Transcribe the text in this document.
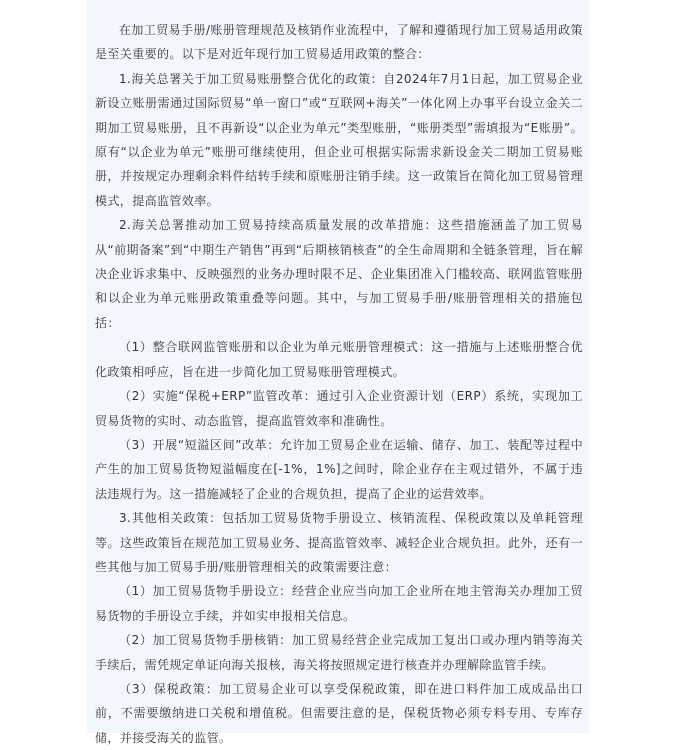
在加工贸易手册/账册管理规范及核销作业流程中，了解和遵循现行加工贸易适用政策是至关重要的。以下是对近年现行加工贸易适用政策的整合：

1.海关总署关于加工贸易账册整合优化的政策：自2024年7月1日起，加工贸易企业新设立账册需通过国际贸易“单一窗口”或“互联网+海关”一体化网上办事平台设立金关二期加工贸易账册，且不再新设“以企业为单元”类型账册，“账册类型”需填报为“E账册”。原有“以企业为单元”账册可继续使用，但企业可根据实际需求新设金关二期加工贸易账册，并按规定办理剩余料件结转手续和原账册注销手续。这一政策旨在简化加工贸易管理模式，提高监管效率。

2.海关总署推动加工贸易持续高质量发展的改革措施：这些措施涵盖了加工贸易从“前期备案”到“中期生产销售”再到“后期核销核查”的全生命周期和全链条管理，旨在解决企业诉求集中、反映强烈的业务办理时限不足、企业集团准入门槛较高、联网监管账册和以企业为单元账册政策重叠等问题。其中，与加工贸易手册/账册管理相关的措施包括：

（1）整合联网监管账册和以企业为单元账册管理模式：这一措施与上述账册整合优化政策相呼应，旨在进一步简化加工贸易账册管理模式。

（2）实施“保税+ERP”监管改革：通过引入企业资源计划（ERP）系统，实现加工贸易货物的实时、动态监管，提高监管效率和准确性。

（3）开展“短溢区间”改革：允许加工贸易企业在运输、储存、加工、装配等过程中产生的加工贸易货物短溢幅度在[-1%，1%]之间时，除企业存在主观过错外，不属于违法违规行为。这一措施减轻了企业的合规负担，提高了企业的运营效率。

3.其他相关政策：包括加工贸易货物手册设立、核销流程、保税政策以及单耗管理等。这些政策旨在规范加工贸易业务、提高监管效率、减轻企业合规负担。此外，还有一些其他与加工贸易手册/账册管理相关的政策需要注意：

（1）加工贸易货物手册设立：经营企业应当向加工企业所在地主管海关办理加工贸易货物的手册设立手续，并如实申报相关信息。

（2）加工贸易货物手册核销：加工贸易经营企业完成加工复出口或办理内销等海关手续后，需凭规定单证向海关报核，海关将按照规定进行核查并办理解除监管手续。

（3）保税政策：加工贸易企业可以享受保税政策，即在进口料件加工成成品出口前，不需要缴纳进口关税和增值税。但需要注意的是，保税货物必须专料专用、专库存储，并接受海关的监管。
